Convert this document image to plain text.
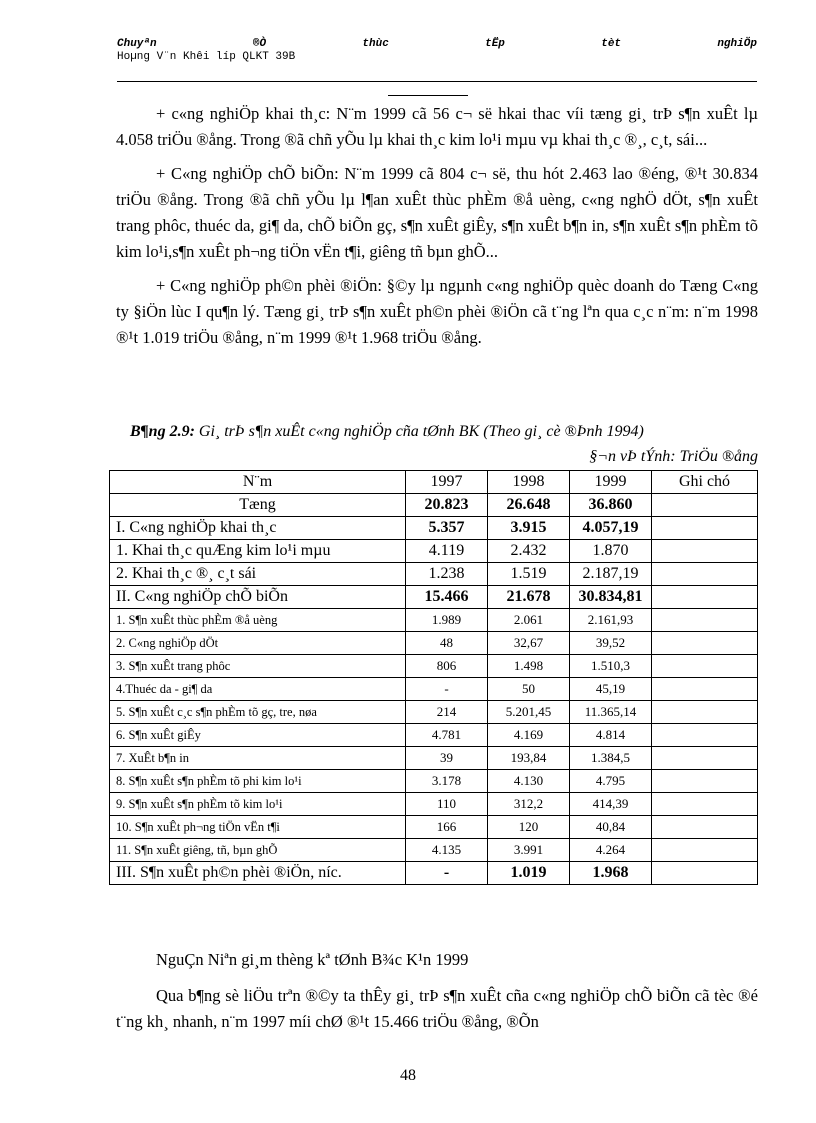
Chuyªn	®Ò	thùc	tËp	tèt	nghiÖp
Hoµng V¨n Khêi líp QLKT 39B

+ c«ng nghiÖp khai th¸c: N¨m 1999 cã 56 c¬ së hkai thac víi tæng gi¸ trÞ s¶n xuÊt lµ 4.058 triÖu ®ång. Trong ®ã chñ yÕu lµ khai th¸c kim lo¹i mµu vµ khai th¸c ®¸, c¸t, sái...

+ C«ng nghiÖp chÕ biÕn: N¨m 1999 cã 804 c¬ së, thu hót 2.463 lao ®éng, ®¹t 30.834 triÖu ®ång. Trong ®ã chñ yÕu lµ l¶an xuÊt thùc phÈm ®å uèng, c«ng nghÖ dÖt, s¶n xuÊt trang phôc, thuéc da, gi¶ da, chÕ biÕn gç, s¶n xuÊt giÊy, s¶n xuÊt b¶n in, s¶n xuÊt s¶n phÈm tõ kim lo¹i,s¶n xuÊt ph¬ng tiÖn vËn t¶i, giêng tñ bµn ghÕ...

+ C«ng nghiÖp ph©n phèi ®iÖn: §©y lµ ngµnh c«ng nghiÖp quèc doanh do Tæng C«ng ty §iÖn lùc I qu¶n lý. Tæng gi¸ trÞ s¶n xuÊt ph©n phèi ®iÖn cã t¨ng lªn qua c¸c n¨m: n¨m 1998 ®¹t 1.019 triÖu ®ång, n¨m 1999 ®¹t 1.968 triÖu ®ång.

B¶ng 2.9: Gi¸ trÞ s¶n xuÊt c«ng nghiÖp cña tØnh BK (Theo gi¸ cè ®Þnh 1994)
§¬n vÞ tÝnh: TriÖu ®ång
N¨m	1997	1998	1999	Ghi chó
Tæng	20.823	26.648	36.860	
I. C«ng nghiÖp khai th¸c	5.357	3.915	4.057,19	
1. Khai th¸c quÆng kim lo¹i mµu	4.119	2.432	1.870	
2. Khai th¸c ®¸ c¸t sái	1.238	1.519	2.187,19	
II. C«ng nghiÖp chÕ biÕn	15.466	21.678	30.834,81	
1. S¶n xuÊt thùc phÈm ®å uèng	1.989	2.061	2.161,93	
2. C«ng nghiÖp dÖt	48	32,67	39,52	
3. S¶n xuÊt trang phôc	806	1.498	1.510,3	
4.Thuéc da - gi¶ da	-	50	45,19	
5. S¶n xuÊt c¸c s¶n phÈm tõ gç, tre, nøa	214	5.201,45	11.365,14	
6. S¶n xuÊt giÊy	4.781	4.169	4.814	
7. XuÊt b¶n in	39	193,84	1.384,5	
8. S¶n xuÊt s¶n phÈm tõ phi kim lo¹i	3.178	4.130	4.795	
9. S¶n xuÊt s¶n phÈm tõ kim lo¹i	110	312,2	414,39	
10. S¶n xuÊt ph¬ng tiÖn vËn t¶i	166	120	40,84	
11. S¶n xuÊt giêng, tñ, bµn ghÕ	4.135	3.991	4.264	
III. S¶n xuÊt ph©n phèi ®iÖn, níc.	-	1.019	1.968	
NguÇn Niªn gi¸m thèng kª tØnh B¾c K¹n 1999
Qua b¶ng sè liÖu trªn ®©y ta thÊy gi¸ trÞ s¶n xuÊt cña c«ng nghiÖp chÕ biÕn cã tèc ®é t¨ng kh¸ nhanh, n¨m 1997 míi chØ ®¹t 15.466 triÖu ®ång, ®Õn
48
